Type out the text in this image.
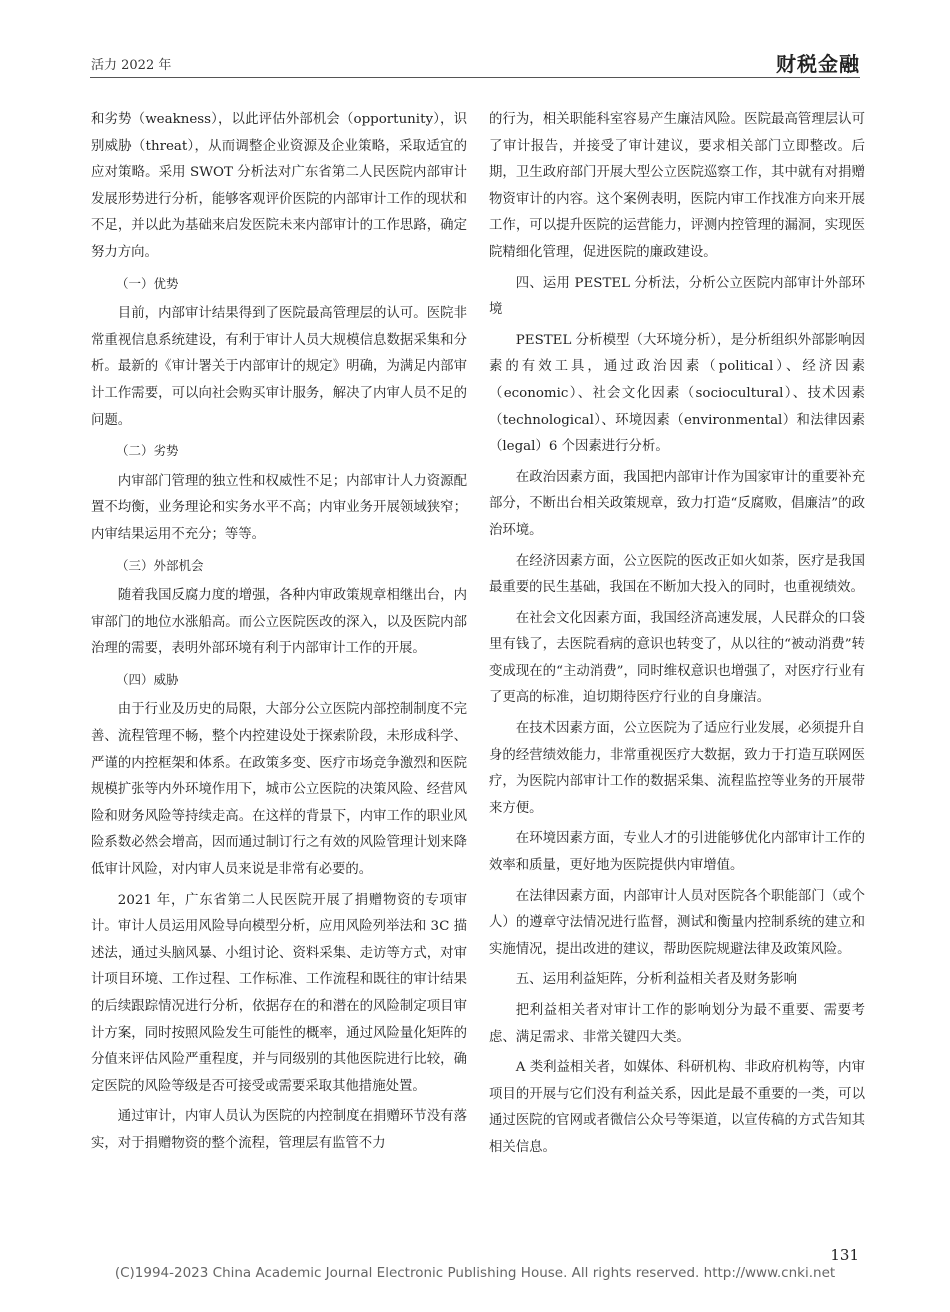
活力 2022 年	财税金融

和劣势（weakness），以此评估外部机会（opportunity），识别威胁（threat），从而调整企业资源及企业策略，采取适宜的应对策略。采用 SWOT 分析法对广东省第二人民医院内部审计发展形势进行分析，能够客观评价医院的内部审计工作的现状和不足，并以此为基础来启发医院未来内部审计的工作思路，确定努力方向。

（一）优势

目前，内部审计结果得到了医院最高管理层的认可。医院非常重视信息系统建设，有利于审计人员大规模信息数据采集和分析。最新的《审计署关于内部审计的规定》明确，为满足内部审计工作需要，可以向社会购买审计服务，解决了内审人员不足的问题。

（二）劣势

内审部门管理的独立性和权威性不足；内部审计人力资源配置不均衡，业务理论和实务水平不高；内审业务开展领域狭窄；内审结果运用不充分；等等。

（三）外部机会

随着我国反腐力度的增强，各种内审政策规章相继出台，内审部门的地位水涨船高。而公立医院医改的深入，以及医院内部治理的需要，表明外部环境有利于内部审计工作的开展。

（四）威胁

由于行业及历史的局限，大部分公立医院内部控制制度不完善、流程管理不畅，整个内控建设处于探索阶段，未形成科学、严谨的内控框架和体系。在政策多变、医疗市场竞争激烈和医院规模扩张等内外环境作用下，城市公立医院的决策风险、经营风险和财务风险等持续走高。在这样的背景下，内审工作的职业风险系数必然会增高，因而通过制订行之有效的风险管理计划来降低审计风险，对内审人员来说是非常有必要的。

2021 年，广东省第二人民医院开展了捐赠物资的专项审计。审计人员运用风险导向模型分析，应用风险列举法和 3C 描述法，通过头脑风暴、小组讨论、资料采集、走访等方式，对审计项目环境、工作过程、工作标准、工作流程和既往的审计结果的后续跟踪情况进行分析，依据存在的和潜在的风险制定项目审计方案，同时按照风险发生可能性的概率，通过风险量化矩阵的分值来评估风险严重程度，并与同级别的其他医院进行比较，确定医院的风险等级是否可接受或需要采取其他措施处置。

通过审计，内审人员认为医院的内控制度在捐赠环节没有落实，对于捐赠物资的整个流程，管理层有监管不力

的行为，相关职能科室容易产生廉洁风险。医院最高管理层认可了审计报告，并接受了审计建议，要求相关部门立即整改。后期，卫生政府部门开展大型公立医院巡察工作，其中就有对捐赠物资审计的内容。这个案例表明，医院内审工作找准方向来开展工作，可以提升医院的运营能力，评测内控管理的漏洞，实现医院精细化管理，促进医院的廉政建设。

四、运用 PESTEL 分析法，分析公立医院内部审计外部环境

PESTEL 分析模型（大环境分析），是分析组织外部影响因素的有效工具，通过政治因素（political）、经济因素（economic）、社会文化因素（sociocultural）、技术因素（technological）、环境因素（environmental）和法律因素（legal）6 个因素进行分析。

在政治因素方面，我国把内部审计作为国家审计的重要补充部分，不断出台相关政策规章，致力打造“反腐败，倡廉洁”的政治环境。

在经济因素方面，公立医院的医改正如火如荼，医疗是我国最重要的民生基础，我国在不断加大投入的同时，也重视绩效。

在社会文化因素方面，我国经济高速发展，人民群众的口袋里有钱了，去医院看病的意识也转变了，从以往的“被动消费”转变成现在的“主动消费”，同时维权意识也增强了，对医疗行业有了更高的标准，迫切期待医疗行业的自身廉洁。

在技术因素方面，公立医院为了适应行业发展，必须提升自身的经营绩效能力，非常重视医疗大数据，致力于打造互联网医疗，为医院内部审计工作的数据采集、流程监控等业务的开展带来方便。

在环境因素方面，专业人才的引进能够优化内部审计工作的效率和质量，更好地为医院提供内审增值。

在法律因素方面，内部审计人员对医院各个职能部门（或个人）的遵章守法情况进行监督，测试和衡量内控制系统的建立和实施情况，提出改进的建议，帮助医院规避法律及政策风险。

五、运用利益矩阵，分析利益相关者及财务影响

把利益相关者对审计工作的影响划分为最不重要、需要考虑、满足需求、非常关键四大类。

A 类利益相关者，如媒体、科研机构、非政府机构等，内审项目的开展与它们没有利益关系，因此是最不重要的一类，可以通过医院的官网或者微信公众号等渠道，以宣传稿的方式告知其相关信息。

131
(C)1994-2023 China Academic Journal Electronic Publishing House. All rights reserved. http://www.cnki.net
